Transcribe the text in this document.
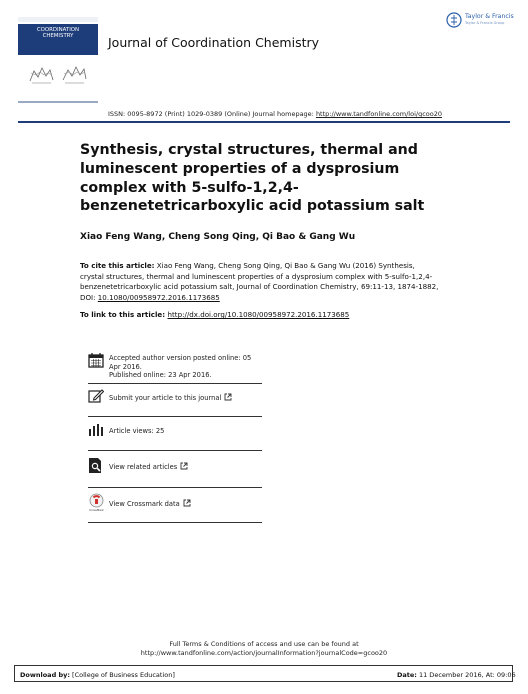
COORDINATION
CHEMISTRY	Journal of Coordination Chemistry
Taylor & Francis
Taylor & Francis Group
ISSN: 0095-8972 (Print) 1029-0389 (Online) Journal homepage: http://www.tandfonline.com/loi/gcoo20
Synthesis, crystal structures, thermal and luminescent properties of a dysprosium complex with 5-sulfo-1,2,4-benzenetetricarboxylic acid potassium salt
Xiao Feng Wang, Cheng Song Qing, Qi Bao & Gang Wu
To cite this article: Xiao Feng Wang, Cheng Song Qing, Qi Bao & Gang Wu (2016) Synthesis, crystal structures, thermal and luminescent properties of a dysprosium complex with 5-sulfo-1,2,4-benzenetetricarboxylic acid potassium salt, Journal of Coordination Chemistry, 69:11-13, 1874-1882, DOI: 10.1080/00958972.2016.1173685
To link to this article: http://dx.doi.org/10.1080/00958972.2016.1173685
Accepted author version posted online: 05 Apr 2016.
Published online: 23 Apr 2016.
Submit your article to this journal
Article views: 25
View related articles
CrossMark
View Crossmark data
Full Terms & Conditions of access and use can be found at
http://www.tandfonline.com/action/journalInformation?journalCode=gcoo20
Download by: [College of Business Education]	Date: 11 December 2016, At: 09:06
